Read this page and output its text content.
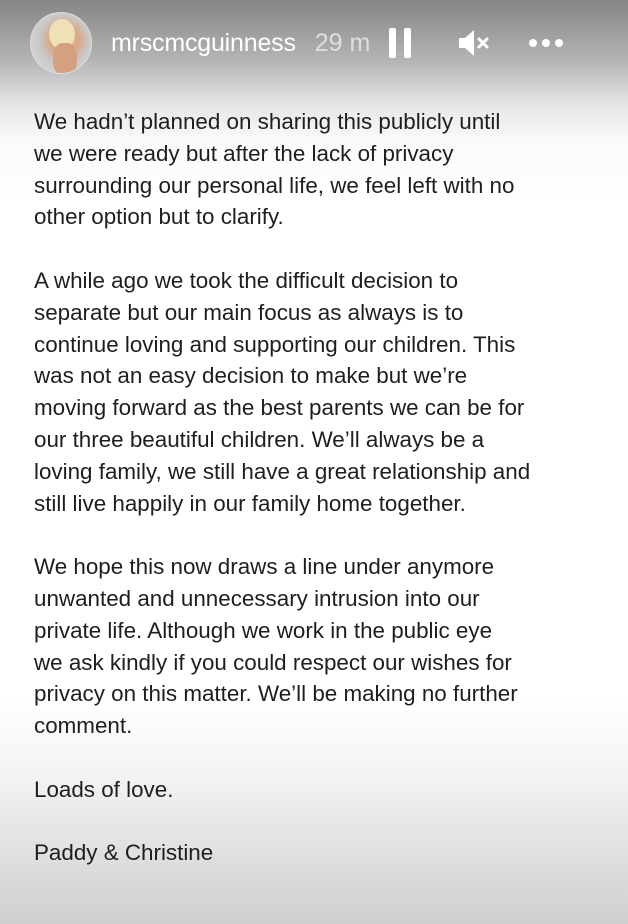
mrscmcguinness 29 m
We hadn’t planned on sharing this publicly until
we were ready but after the lack of privacy
surrounding our personal life, we feel left with no
other option but to clarify.
A while ago we took the difficult decision to
separate but our main focus as always is to
continue loving and supporting our children. This
was not an easy decision to make but we’re
moving forward as the best parents we can be for
our three beautiful children. We’ll always be a
loving family, we still have a great relationship and
still live happily in our family home together.
We hope this now draws a line under anymore
unwanted and unnecessary intrusion into our
private life. Although we work in the public eye
we ask kindly if you could respect our wishes for
privacy on this matter. We’ll be making no further
comment.
Loads of love.
Paddy & Christine
